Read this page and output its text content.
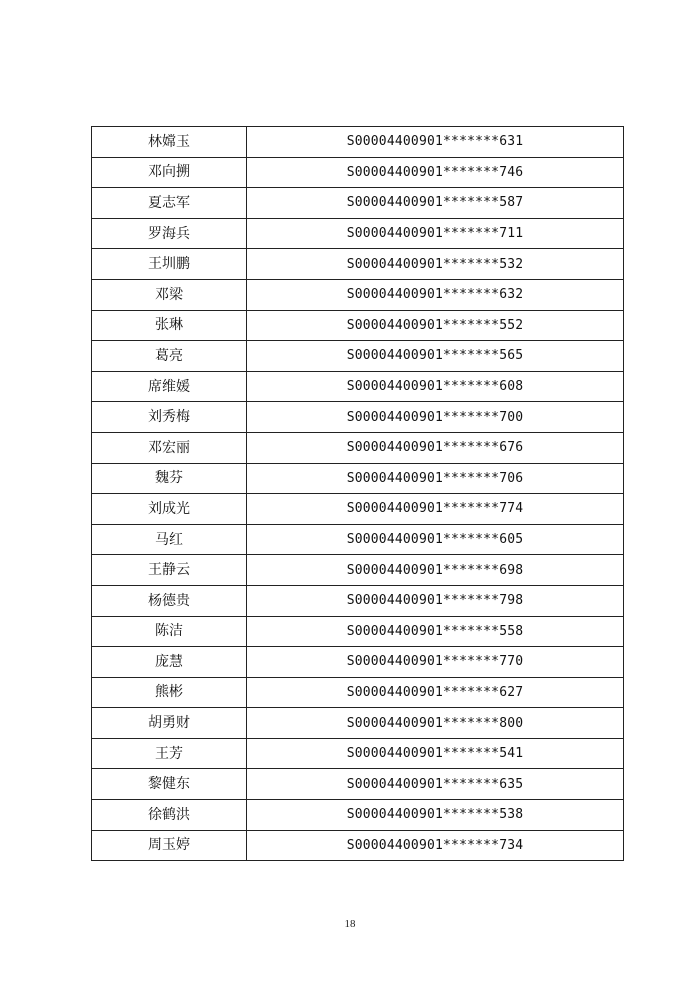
林嫦玉	S00004400901*******631
邓向搠	S00004400901*******746
夏志军	S00004400901*******587
罗海兵	S00004400901*******711
王圳鹏	S00004400901*******532
邓梁	S00004400901*******632
张琳	S00004400901*******552
葛亮	S00004400901*******565
席维媛	S00004400901*******608
刘秀梅	S00004400901*******700
邓宏丽	S00004400901*******676
魏芬	S00004400901*******706
刘成光	S00004400901*******774
马红	S00004400901*******605
王静云	S00004400901*******698
杨德贵	S00004400901*******798
陈洁	S00004400901*******558
庞慧	S00004400901*******770
熊彬	S00004400901*******627
胡勇财	S00004400901*******800
王芳	S00004400901*******541
黎健东	S00004400901*******635
徐鹤洪	S00004400901*******538
周玉婷	S00004400901*******734
18
